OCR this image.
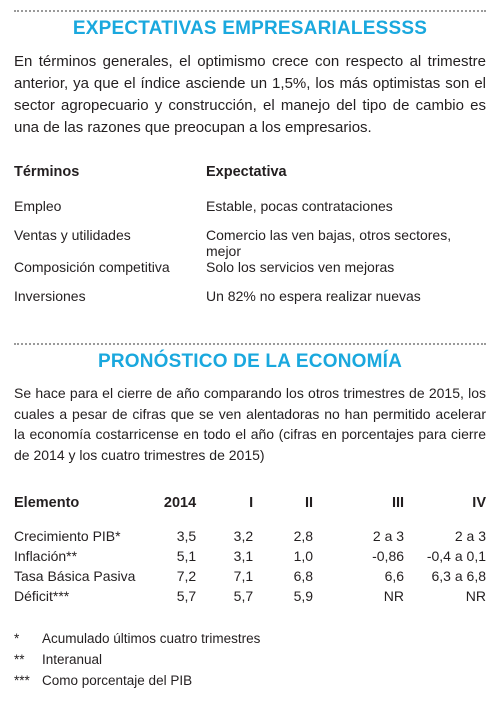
EXPECTATIVAS EMPRESARIALESSSS

En términos generales, el optimismo crece con respecto al trimestre anterior, ya que el índice asciende un 1,5%, los más optimistas son el sector agropecuario y construcción, el manejo del tipo de cambio es una de las razones que preocupan a los empresarios.

Términos	Expectativa
Empleo	Estable, pocas contrataciones
Ventas y utilidades	Comercio las ven bajas, otros sectores, mejor
Composición competitiva	Solo los servicios ven mejoras
Inversiones	Un 82% no espera realizar nuevas
PRONÓSTICO DE LA ECONOMÍA

Se hace para el cierre de año comparando los otros trimestres de 2015, los cuales a pesar de cifras que se ven alentadoras no han permitido acelerar la economía costarricense en todo el año (cifras en porcentajes para cierre de 2014 y los cuatro trimestres de 2015)

Elemento	2014	I	II	III	IV
Crecimiento PIB*	3,5	3,2	2,8	2 a 3	2 a 3
Inflación**	5,1	3,1	1,0	-0,86	-0,4 a 0,1
Tasa Básica Pasiva	7,2	7,1	6,8	6,6	6,3 a 6,8
Déficit***	5,7	5,7	5,9	NR	NR
*	Acumulado últimos cuatro trimestres
**	Interanual
*** Como porcentaje del PIB
